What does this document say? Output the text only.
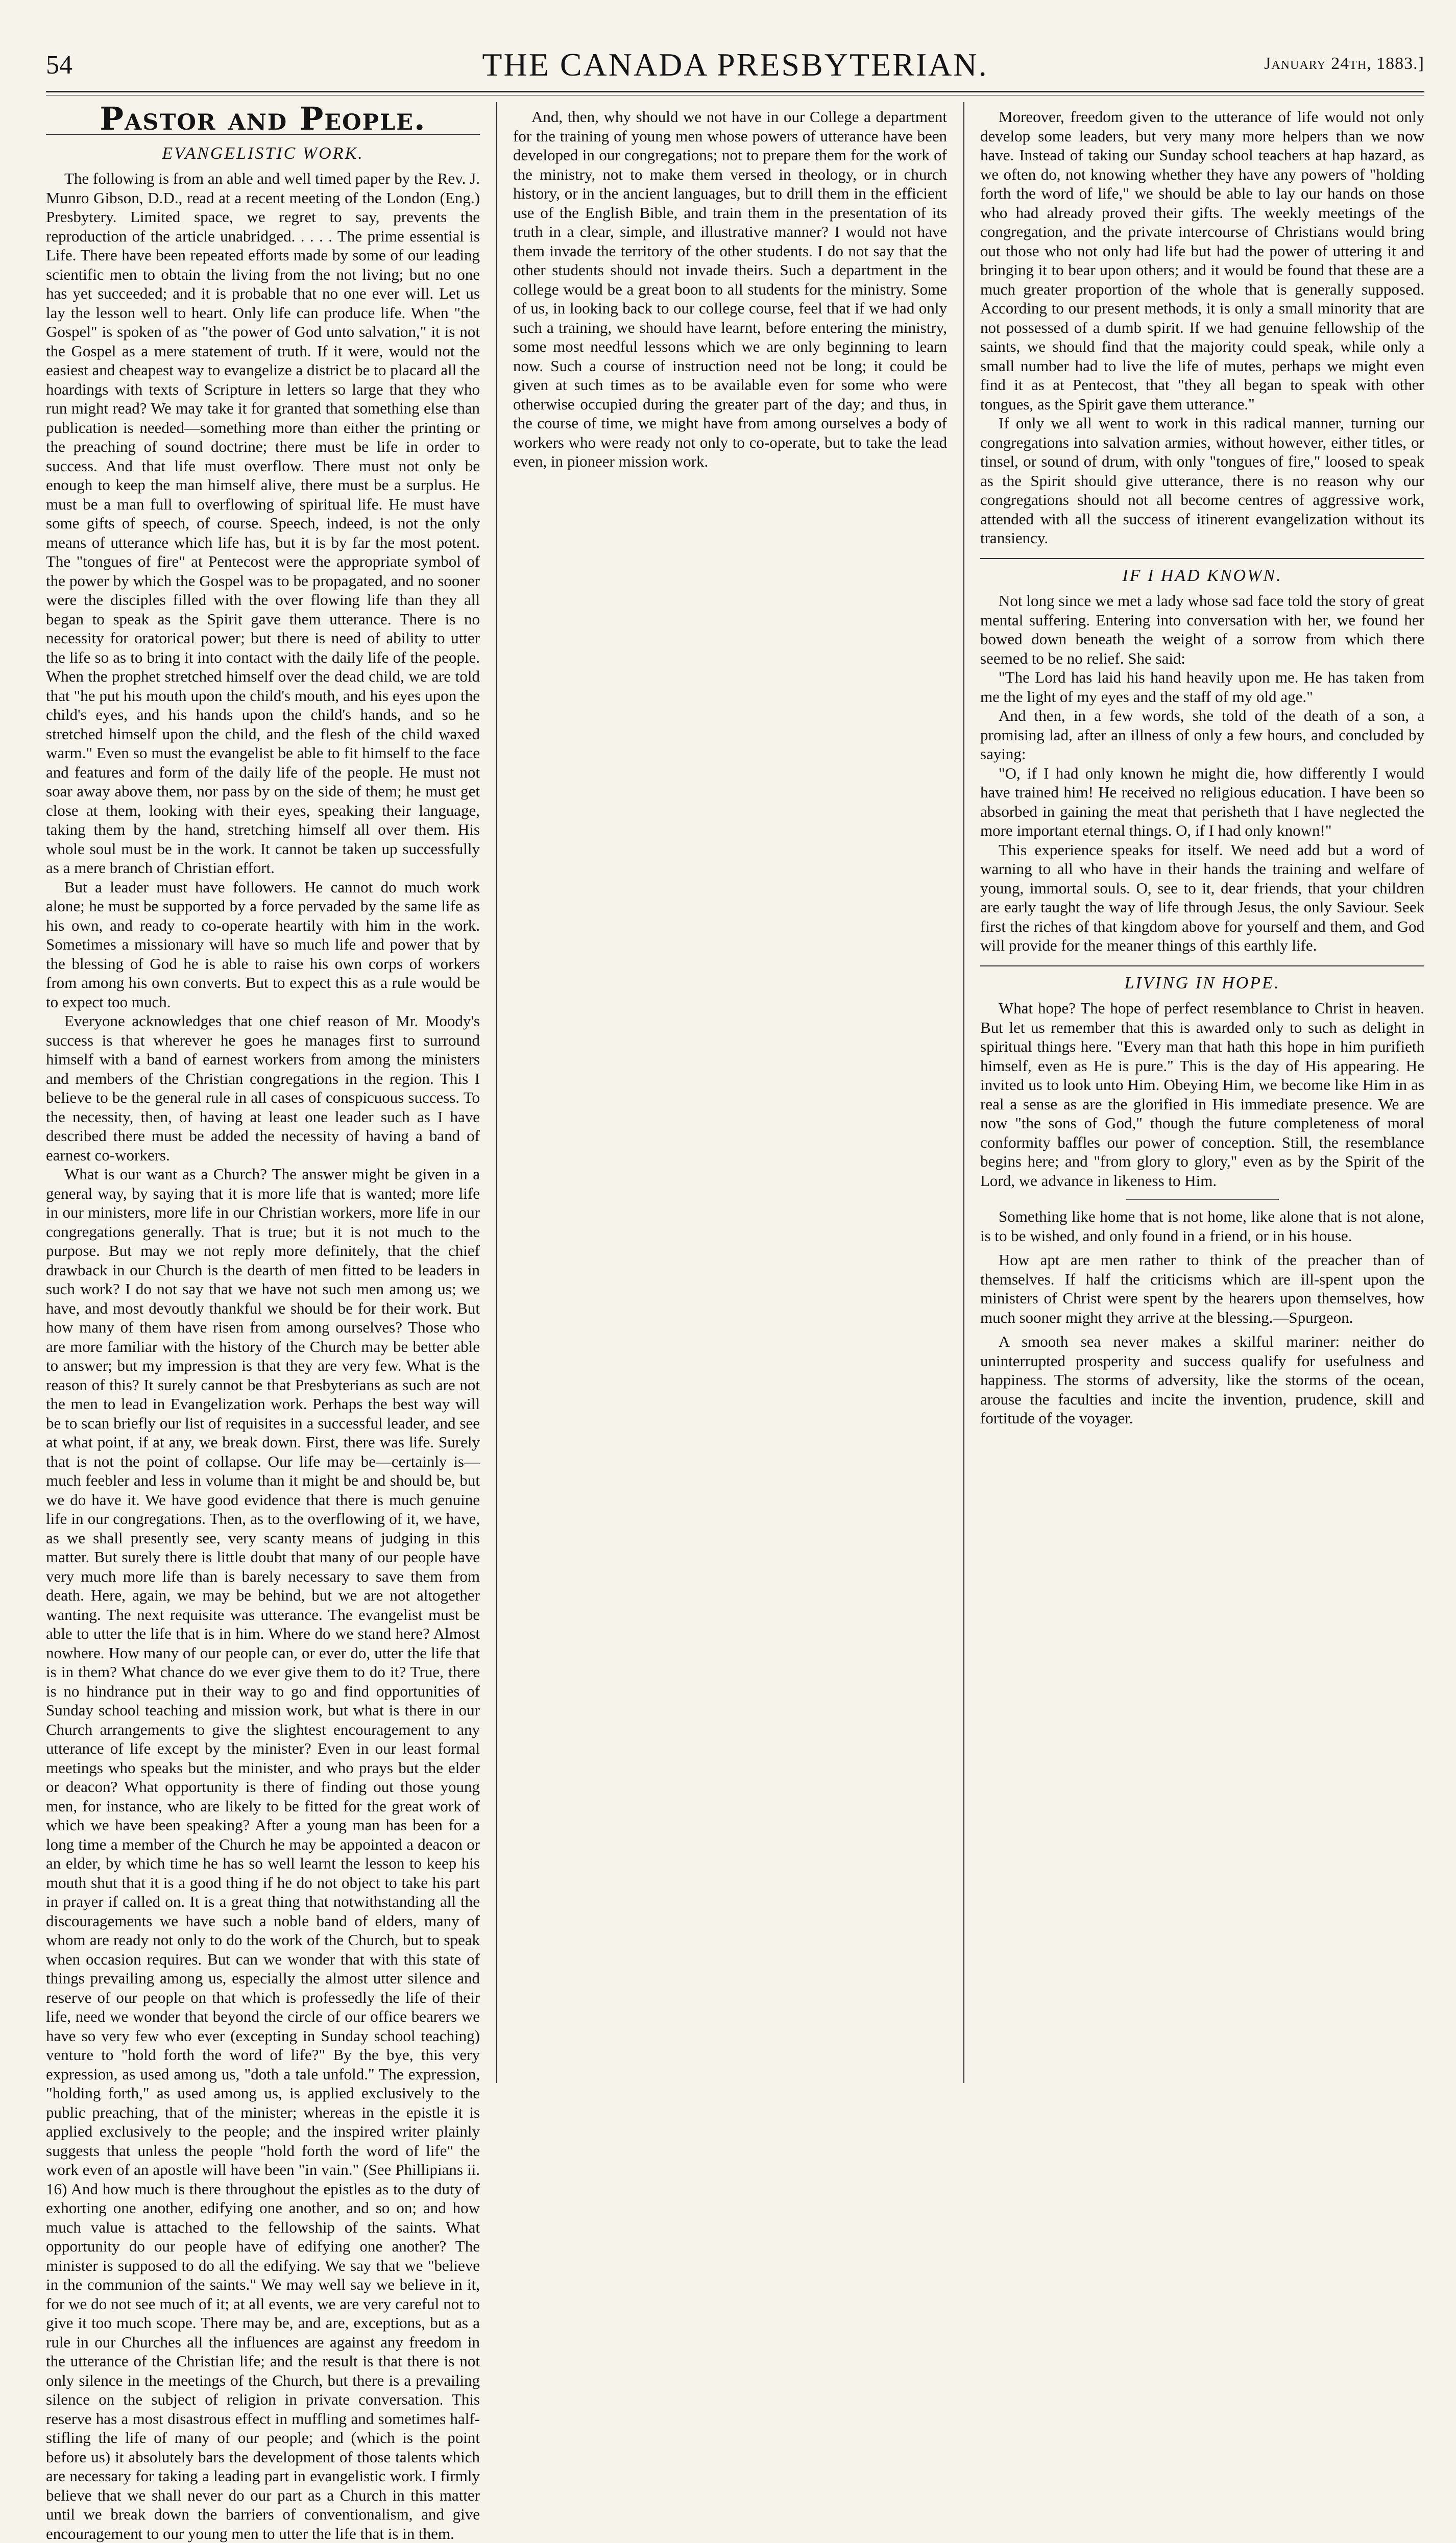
54	THE CANADA PRESBYTERIAN.	January 24th, 1883.]
Pastor and People.
EVANGELISTIC WORK.

The following is from an able and well timed paper by the Rev. J. Munro Gibson, D.D., read at a recent meeting of the London (Eng.) Presbytery. Limited space, we regret to say, prevents the reproduction of the article unabridged. . . . . The prime essential is Life. There have been repeated efforts made by some of our leading scientific men to obtain the living from the not living; but no one has yet succeeded; and it is probable that no one ever will. Let us lay the lesson well to heart. Only life can produce life. When "the Gospel" is spoken of as "the power of God unto salvation," it is not the Gospel as a mere statement of truth. If it were, would not the easiest and cheapest way to evangelize a district be to placard all the hoardings with texts of Scripture in letters so large that they who run might read? We may take it for granted that something else than publication is needed—something more than either the printing or the preaching of sound doctrine; there must be life in order to success. And that life must overflow. There must not only be enough to keep the man himself alive, there must be a surplus. He must be a man full to overflowing of spiritual life. He must have some gifts of speech, of course. Speech, indeed, is not the only means of utterance which life has, but it is by far the most potent. The "tongues of fire" at Pentecost were the appropriate symbol of the power by which the Gospel was to be propagated, and no sooner were the disciples filled with the over flowing life than they all began to speak as the Spirit gave them utterance. There is no necessity for oratorical power; but there is need of ability to utter the life so as to bring it into contact with the daily life of the people. When the prophet stretched himself over the dead child, we are told that "he put his mouth upon the child's mouth, and his eyes upon the child's eyes, and his hands upon the child's hands, and so he stretched himself upon the child, and the flesh of the child waxed warm." Even so must the evangelist be able to fit himself to the face and features and form of the daily life of the people. He must not soar away above them, nor pass by on the side of them; he must get close at them, looking with their eyes, speaking their language, taking them by the hand, stretching himself all over them. His whole soul must be in the work. It cannot be taken up successfully as a mere branch of Christian effort.

But a leader must have followers. He cannot do much work alone; he must be supported by a force pervaded by the same life as his own, and ready to co-operate heartily with him in the work. Sometimes a missionary will have so much life and power that by the blessing of God he is able to raise his own corps of workers from among his own converts. But to expect this as a rule would be to expect too much.

Everyone acknowledges that one chief reason of Mr. Moody's success is that wherever he goes he manages first to surround himself with a band of earnest workers from among the ministers and members of the Christian congregations in the region. This I believe to be the general rule in all cases of conspicuous success. To the necessity, then, of having at least one leader such as I have described there must be added the necessity of having a band of earnest co-workers.

What is our want as a Church? The answer might be given in a general way, by saying that it is more life that is wanted; more life in our ministers, more life in our Christian workers, more life in our congregations generally. That is true; but it is not much to the purpose. But may we not reply more definitely, that the chief drawback in our Church is the dearth of men fitted to be leaders in such work? I do not say that we have not such men among us; we have, and most devoutly thankful we should be for their work. But how many of them have risen from among ourselves? Those who are more familiar with the history of the Church may be better able to answer; but my impression is that they are very few. What is the reason of this? It surely cannot be that Presbyterians as such are not the men to lead in Evangelization work. Perhaps the best way will be to scan briefly our list of requisites in a successful leader, and see at what point, if at any, we break down. First, there was life. Surely that is not the point of collapse. Our life may be—certainly is—much feebler and less in volume than it might be and should be, but we do have it. We have good evidence that there is much genuine life in our congregations. Then, as to the overflowing of it, we have, as we shall presently see, very scanty means of judging in this matter. But surely there is little doubt that many of our people have very much more life than is barely necessary to save them from death. Here, again, we may be behind, but we are not altogether wanting. The next requisite was utterance. The evangelist must be able to utter the life that is in him. Where do we stand here? Almost nowhere. How many of our people can, or ever do, utter the life that is in them? What chance do we ever give them to do it? True, there is no hindrance put in their way to go and find opportunities of Sunday school teaching and mission work, but what is there in our Church arrangements to give the slightest encouragement to any utterance of life except by the minister? Even in our least formal meetings who speaks but the minister, and who prays but the elder or deacon? What opportunity is there of finding out those young men, for instance, who are likely to be fitted for the great work of which we have been speaking? After a young man has been for a long time a member of the Church he may be appointed a deacon or an elder, by which time he has so well learnt the lesson to keep his mouth shut that it is a good thing if he do not object to take his part in prayer if called on. It is a great thing that notwithstanding all the discouragements we have such a noble band of elders, many of whom are ready not only to do the work of the Church, but to speak when occasion requires. But can we wonder that with this state of things prevailing among us, especially the almost utter silence and reserve of our people on that which is professedly the life of their life, need we wonder that beyond the circle of our office bearers we have so very few who ever (excepting in Sunday school teaching) venture to "hold forth the word of life?" By the bye, this very expression, as used among us, "doth a tale unfold." The expression, "holding forth," as used among us, is applied exclusively to the public preaching, that of the minister; whereas in the epistle it is applied exclusively to the people; and the inspired writer plainly suggests that unless the people "hold forth the word of life" the work even of an apostle will have been "in vain." (See Phillipians ii. 16) And how much is there throughout the epistles as to the duty of exhorting one another, edifying one another, and so on; and how much value is attached to the fellowship of the saints. What opportunity do our people have of edifying one another? The minister is supposed to do all the edifying. We say that we "believe in the communion of the saints." We may well say we believe in it, for we do not see much of it; at all events, we are very careful not to give it too much scope. There may be, and are, exceptions, but as a rule in our Churches all the influences are against any freedom in the utterance of the Christian life; and the result is that there is not only silence in the meetings of the Church, but there is a prevailing silence on the subject of religion in private conversation. This reserve has a most disastrous effect in muffling and sometimes half-stifling the life of many of our people; and (which is the point before us) it absolutely bars the development of those talents which are necessary for taking a leading part in evangelistic work. I firmly believe that we shall never do our part as a Church in this matter until we break down the barriers of conventionalism, and give encouragement to our young men to utter the life that is in them.

And, then, why should we not have in our College a department for the training of young men whose powers of utterance have been developed in our congregations; not to prepare them for the work of the ministry, not to make them versed in theology, or in church history, or in the ancient languages, but to drill them in the efficient use of the English Bible, and train them in the presentation of its truth in a clear, simple, and illustrative manner? I would not have them invade the territory of the other students. I do not say that the other students should not invade theirs. Such a department in the college would be a great boon to all students for the ministry. Some of us, in looking back to our college course, feel that if we had only such a training, we should have learnt, before entering the ministry, some most needful lessons which we are only beginning to learn now. Such a course of instruction need not be long; it could be given at such times as to be available even for some who were otherwise occupied during the greater part of the day; and thus, in the course of time, we might have from among ourselves a body of workers who were ready not only to co-operate, but to take the lead even, in pioneer mission work.

Moreover, freedom given to the utterance of life would not only develop some leaders, but very many more helpers than we now have. Instead of taking our Sunday school teachers at hap hazard, as we often do, not knowing whether they have any powers of "holding forth the word of life," we should be able to lay our hands on those who had already proved their gifts. The weekly meetings of the congregation, and the private intercourse of Christians would bring out those who not only had life but had the power of uttering it and bringing it to bear upon others; and it would be found that these are a much greater proportion of the whole that is generally supposed. According to our present methods, it is only a small minority that are not possessed of a dumb spirit. If we had genuine fellowship of the saints, we should find that the majority could speak, while only a small number had to live the life of mutes, perhaps we might even find it as at Pentecost, that "they all began to speak with other tongues, as the Spirit gave them utterance."

If only we all went to work in this radical manner, turning our congregations into salvation armies, without however, either titles, or tinsel, or sound of drum, with only "tongues of fire," loosed to speak as the Spirit should give utterance, there is no reason why our congregations should not all become centres of aggressive work, attended with all the success of itinerent evangelization without its transiency.

IF I HAD KNOWN.

Not long since we met a lady whose sad face told the story of great mental suffering. Entering into conversation with her, we found her bowed down beneath the weight of a sorrow from which there seemed to be no relief. She said:

"The Lord has laid his hand heavily upon me. He has taken from me the light of my eyes and the staff of my old age."

And then, in a few words, she told of the death of a son, a promising lad, after an illness of only a few hours, and concluded by saying:

"O, if I had only known he might die, how differently I would have trained him! He received no religious education. I have been so absorbed in gaining the meat that perisheth that I have neglected the more important eternal things. O, if I had only known!"

This experience speaks for itself. We need add but a word of warning to all who have in their hands the training and welfare of young, immortal souls. O, see to it, dear friends, that your children are early taught the way of life through Jesus, the only Saviour. Seek first the riches of that kingdom above for yourself and them, and God will provide for the meaner things of this earthly life.

LIVING IN HOPE.

What hope? The hope of perfect resemblance to Christ in heaven. But let us remember that this is awarded only to such as delight in spiritual things here. "Every man that hath this hope in him purifieth himself, even as He is pure." This is the day of His appearing. He invited us to look unto Him. Obeying Him, we become like Him in as real a sense as are the glorified in His immediate presence. We are now "the sons of God," though the future completeness of moral conformity baffles our power of conception. Still, the resemblance begins here; and "from glory to glory," even as by the Spirit of the Lord, we advance in likeness to Him.

Something like home that is not home, like alone that is not alone, is to be wished, and only found in a friend, or in his house.

How apt are men rather to think of the preacher than of themselves. If half the criticisms which are ill-spent upon the ministers of Christ were spent by the hearers upon themselves, how much sooner might they arrive at the blessing.—Spurgeon.

A smooth sea never makes a skilful mariner: neither do uninterrupted prosperity and success qualify for usefulness and happiness. The storms of adversity, like the storms of the ocean, arouse the faculties and incite the invention, prudence, skill and fortitude of the voyager.
